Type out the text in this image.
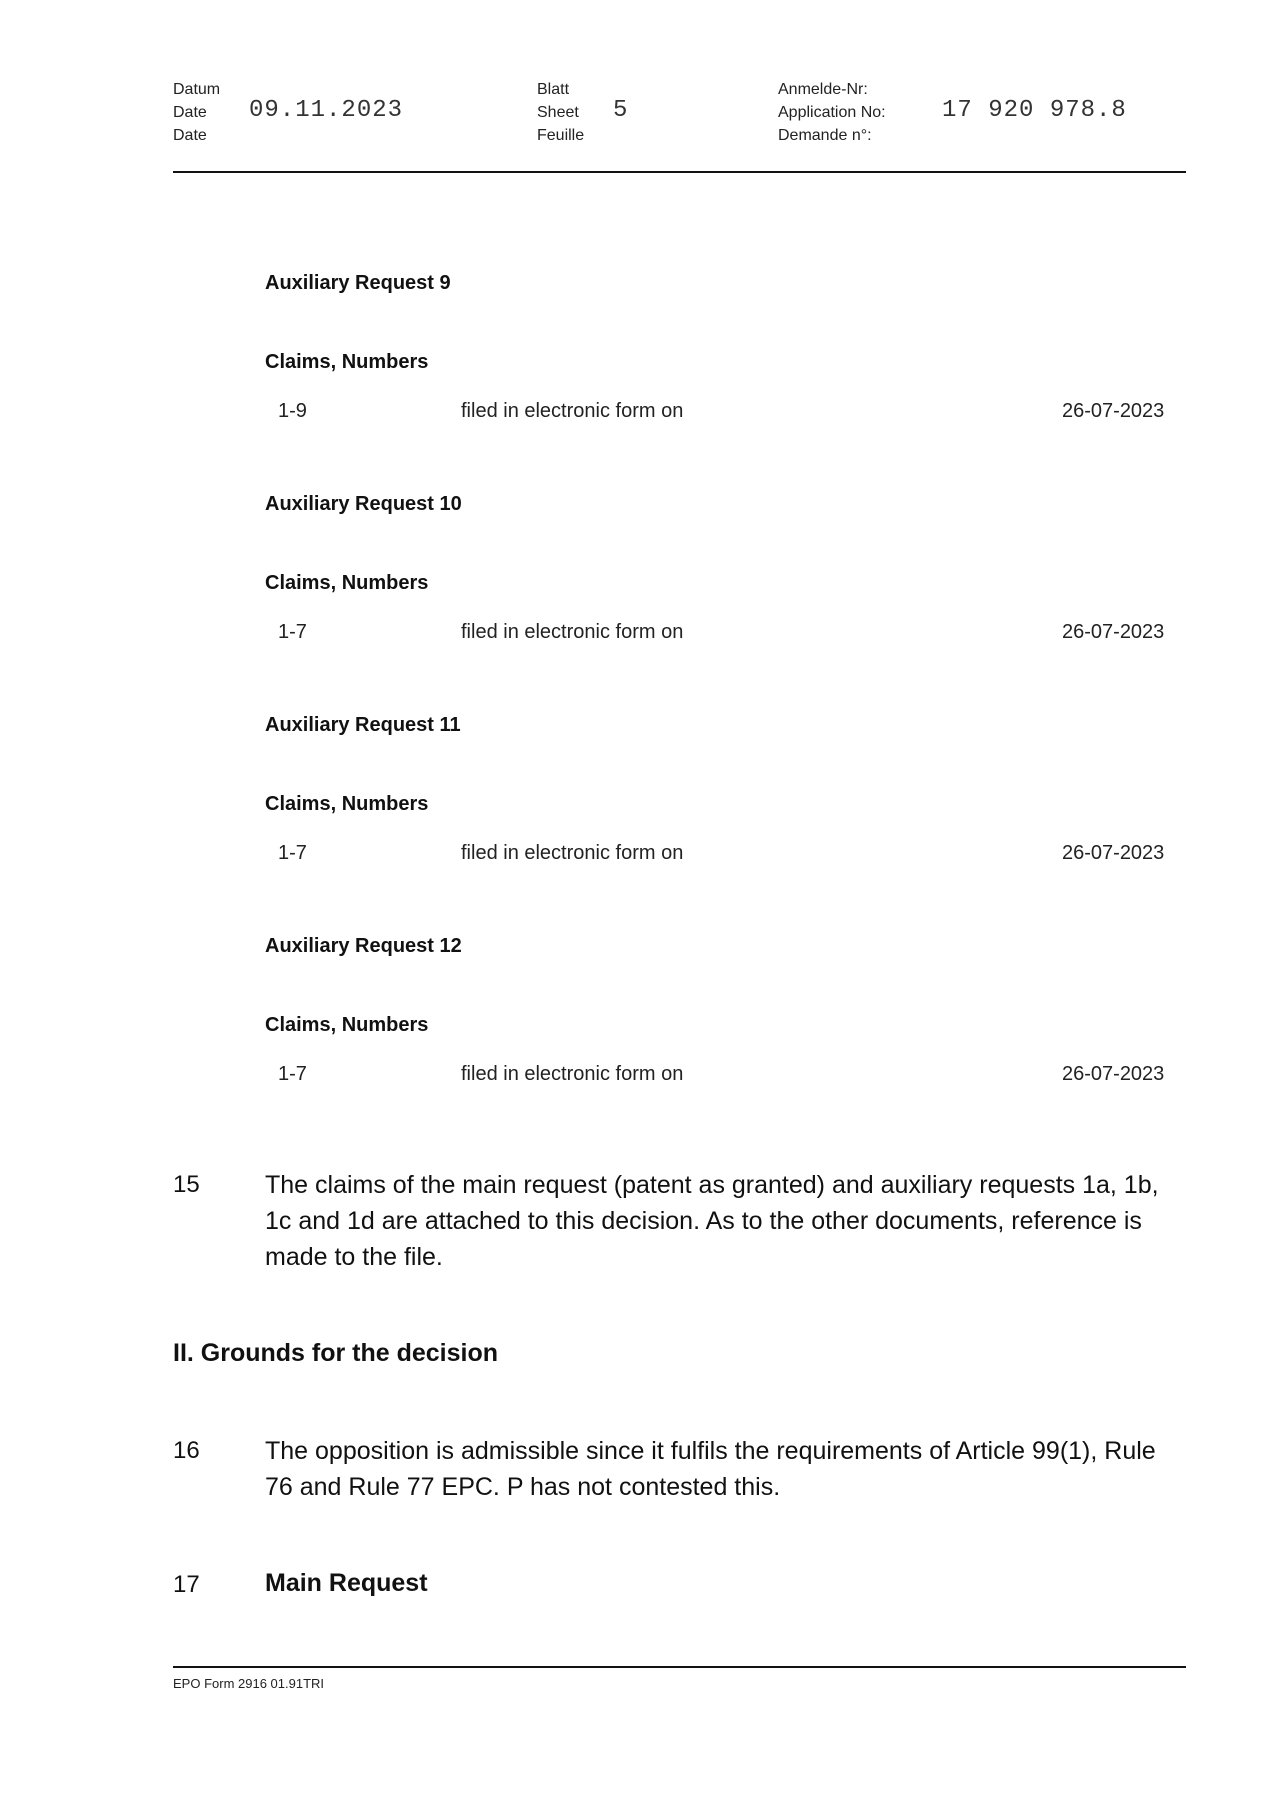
Datum
Date
Date
09.11.2023
Blatt
Sheet
Feuille
5
Anmelde-Nr:
Application No:
Demande n°:
17 920 978.8
Auxiliary Request 9
Claims, Numbers
1-9	filed in electronic form on	26-07-2023
Auxiliary Request 10
Claims, Numbers
1-7	filed in electronic form on	26-07-2023
Auxiliary Request 11
Claims, Numbers
1-7	filed in electronic form on	26-07-2023
Auxiliary Request 12
Claims, Numbers
1-7	filed in electronic form on	26-07-2023
15	The claims of the main request (patent as granted) and auxiliary requests 1a, 1b, 1c and 1d are attached to this decision. As to the other documents, reference is made to the file.
II. Grounds for the decision
16	The opposition is admissible since it fulfils the requirements of Article 99(1), Rule 76 and Rule 77 EPC. P has not contested this.
17	Main Request
EPO Form 2916 01.91TRI
